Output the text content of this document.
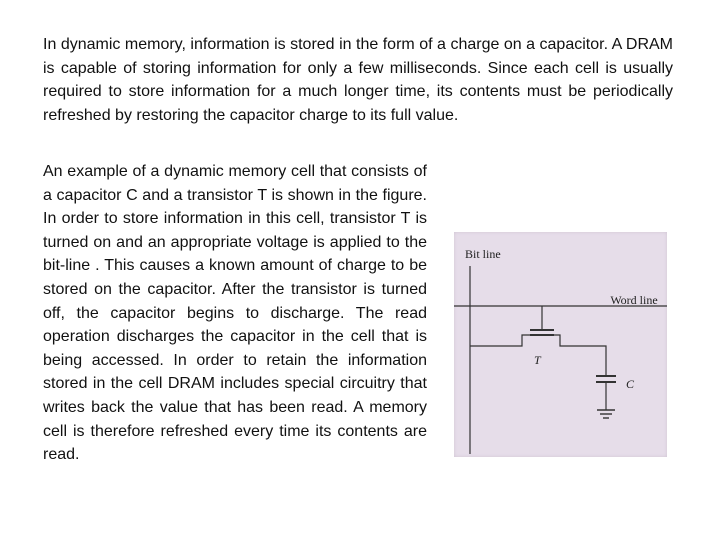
In dynamic memory, information is stored in the form of a charge on a capacitor. A DRAM is capable of storing information for only a few milliseconds. Since each cell is usually required to store information for a much longer time, its contents must be periodically refreshed by restoring the capacitor charge to its full value.

An example of a dynamic memory cell that consists of a capacitor C and a transistor T is shown in the figure. In order to store information in this cell, transistor T is turned on and an appropriate voltage is applied to the bit-line . This causes a known amount of charge to be stored on the capacitor. After the transistor is turned off, the capacitor begins to discharge. The read operation discharges the capacitor in the cell that is being accessed. In order to retain the information stored in the cell DRAM includes special circuitry that writes back the value that has been read. A memory cell is therefore refreshed every time its contents are read.

Bit line
Word line
T
C
